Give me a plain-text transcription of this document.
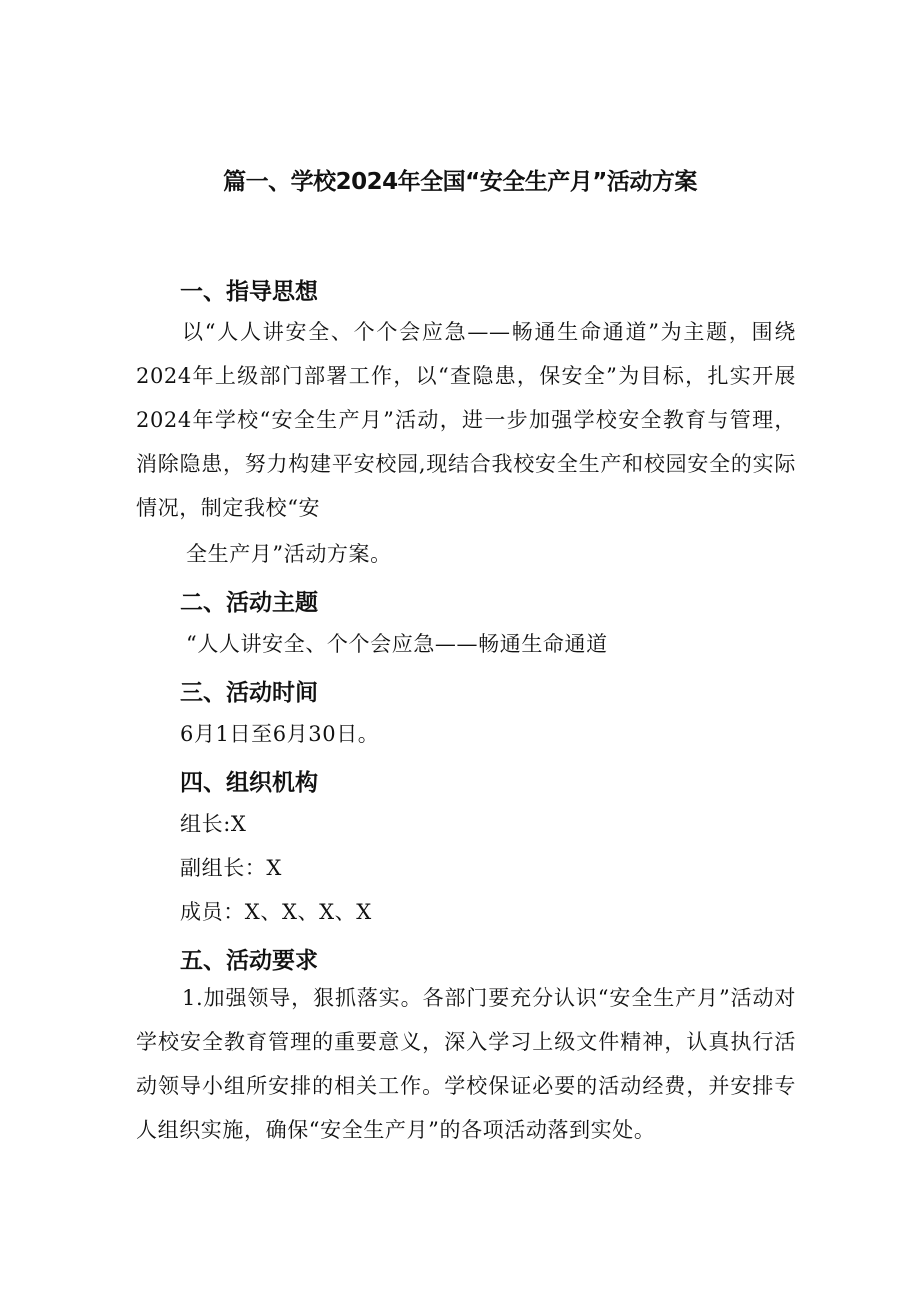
篇一、学校2024年全国“安全生产月”活动方案
一、指导思想
以“人人讲安全、个个会应急——畅通生命通道”为主题，围绕2024年上级部门部署工作，以“查隐患，保安全”为目标，扎实开展2024年学校“安全生产月”活动，进一步加强学校安全教育与管理，消除隐患，努力构建平安校园,现结合我校安全生产和校园安全的实际情况，制定我校“安
全生产月”活动方案。
二、活动主题
“人人讲安全、个个会应急——畅通生命通道
三、活动时间
6月1日至6月30日。
四、组织机构
组长:X
副组长：X
成员：X、X、X、X
五、活动要求
1.加强领导，狠抓落实。各部门要充分认识“安全生产月”活动对学校安全教育管理的重要意义，深入学习上级文件精神，认真执行活动领导小组所安排的相关工作。学校保证必要的活动经费，并安排专人组织实施，确保“安全生产月”的各项活动落到实处。
